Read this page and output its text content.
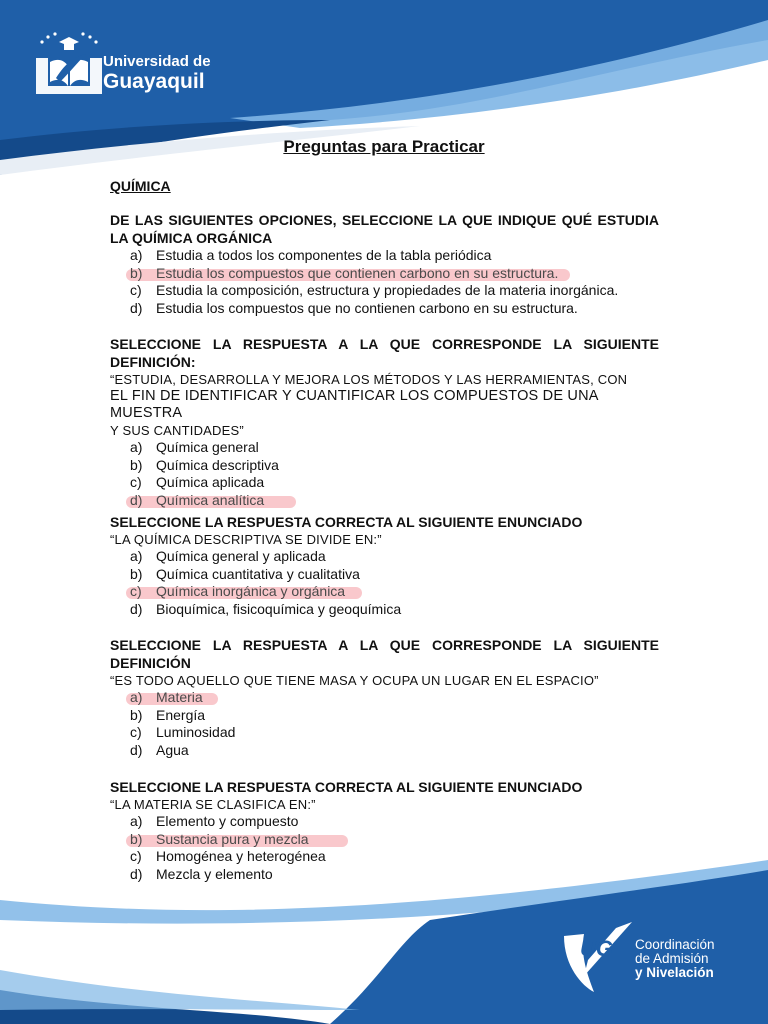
Universidad de
Guayaquil
Preguntas para Practicar
QUÍMICA

DE LAS SIGUIENTES OPCIONES, SELECCIONE LA QUE INDIQUE QUÉ ESTUDIA LA QUÍMICA ORGÁNICA

a) Estudia a todos los componentes de la tabla periódica
b) Estudia los compuestos que contienen carbono en su estructura.
c) Estudia la composición, estructura y propiedades de la materia inorgánica.
d) Estudia los compuestos que no contienen carbono en su estructura.

SELECCIONE LA RESPUESTA A LA QUE CORRESPONDE LA SIGUIENTE DEFINICIÓN:

“ESTUDIA, DESARROLLA Y MEJORA LOS MÉTODOS Y LAS HERRAMIENTAS, CON

EL FIN DE IDENTIFICAR Y CUANTIFICAR LOS COMPUESTOS DE UNA MUESTRA

Y SUS CANTIDADES”

a) Química general
b) Química descriptiva
c) Química aplicada
d) Química analítica

SELECCIONE LA RESPUESTA CORRECTA AL SIGUIENTE ENUNCIADO

“LA QUÍMICA DESCRIPTIVA SE DIVIDE EN:”

a) Química general y aplicada
b) Química cuantitativa y cualitativa
c) Química inorgánica y orgánica
d) Bioquímica, fisicoquímica y geoquímica

SELECCIONE LA RESPUESTA A LA QUE CORRESPONDE LA SIGUIENTE DEFINICIÓN

“ES TODO AQUELLO QUE TIENE MASA Y OCUPA UN LUGAR EN EL ESPACIO”

a) Materia
b) Energía
c) Luminosidad
d) Agua

SELECCIONE LA RESPUESTA CORRECTA AL SIGUIENTE ENUNCIADO

“LA MATERIA SE CLASIFICA EN:”

a) Elemento y compuesto
b) Sustancia pura y mezcla
c) Homogénea y heterogénea
d) Mezcla y elemento
UG Coordinación
de Admisión
y Nivelación
